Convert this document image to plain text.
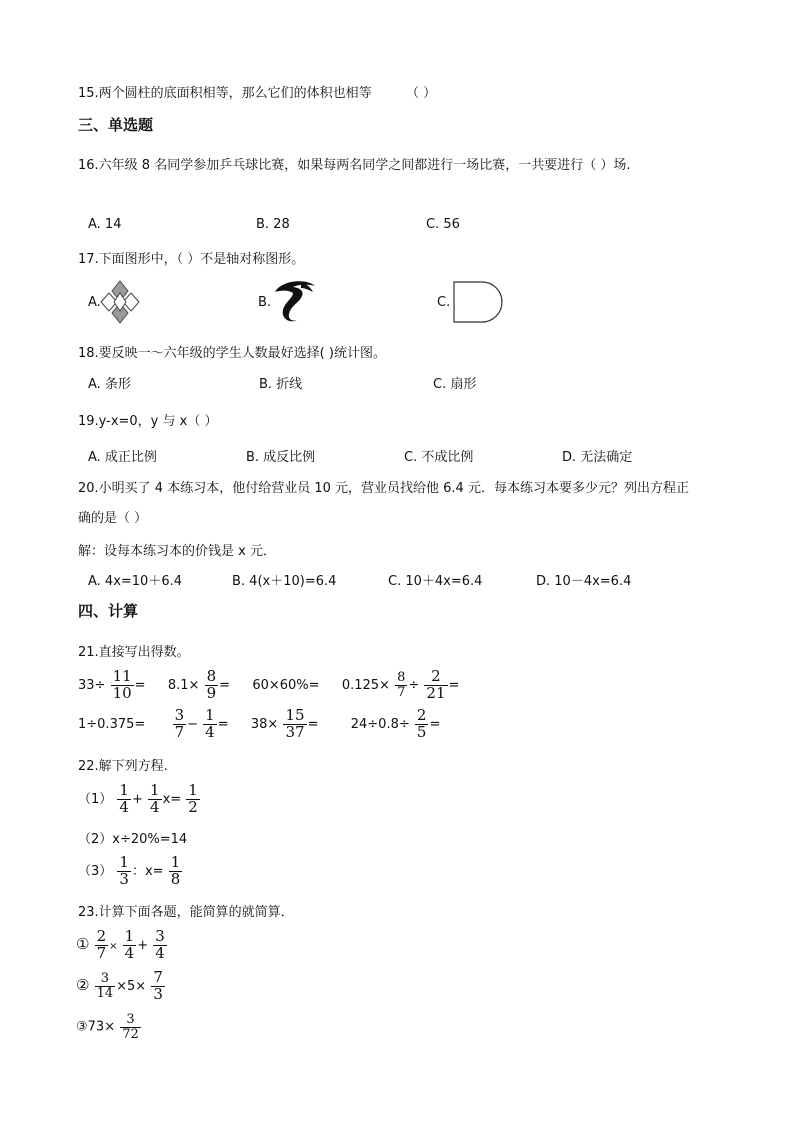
15.两个圆柱的底面积相等，那么它们的体积也相等	（ ）
三、单选题
16.六年级 8 名同学参加乒乓球比赛，如果每两名同学之间都进行一场比赛，一共要进行（ ）场.
A. 14	B. 28	C. 56
17.下面图形中，（ ）不是轴对称图形。
A.	B.	C.
18.要反映一～六年级的学生人数最好选择( )统计图。
A. 条形	B. 折线	C. 扇形
19.y-x=0，y 与 x（ ）
A. 成正比例	B. 成反比例	C. 不成比例	D. 无法确定
20.小明买了 4 本练习本，他付给营业员 10 元，营业员找给他 6.4 元．每本练习本要多少元？列出方程正
确的是（ ）
解：设每本练习本的价钱是 x 元．
A. 4x=10＋6.4	B. 4(x＋10)=6.4	C. 10＋4x=6.4	D. 10－4x=6.4
四、计算
21.直接写出得数。
$33\div \frac{11}{10} = 8.1\times \frac{8}{9} = 60\times 60\%= 0.125\times \frac{8}{7} \div \frac{2}{21}$ =
$1\div 0.375= \frac{3}{7} - \frac{1}{4} = 38\times \frac{15}{37} = 24\div 0.8\div \frac{2}{5}$ =
22.解下列方程.
$(1) \frac{1}{4} + \frac{1}{4} x= \frac{1}{2}$
（2）x÷20%=14
$(3) \frac{1}{3}$ ：$x= \frac{1}{8}$
23.计算下面各题，能简算的就简算．
① $\frac{2}{7} \times \frac{1}{4} + \frac{3}{4}$
② $\frac{3}{14} \times 5\times \frac{7}{3}$
③73× $\frac{3}{72}$
